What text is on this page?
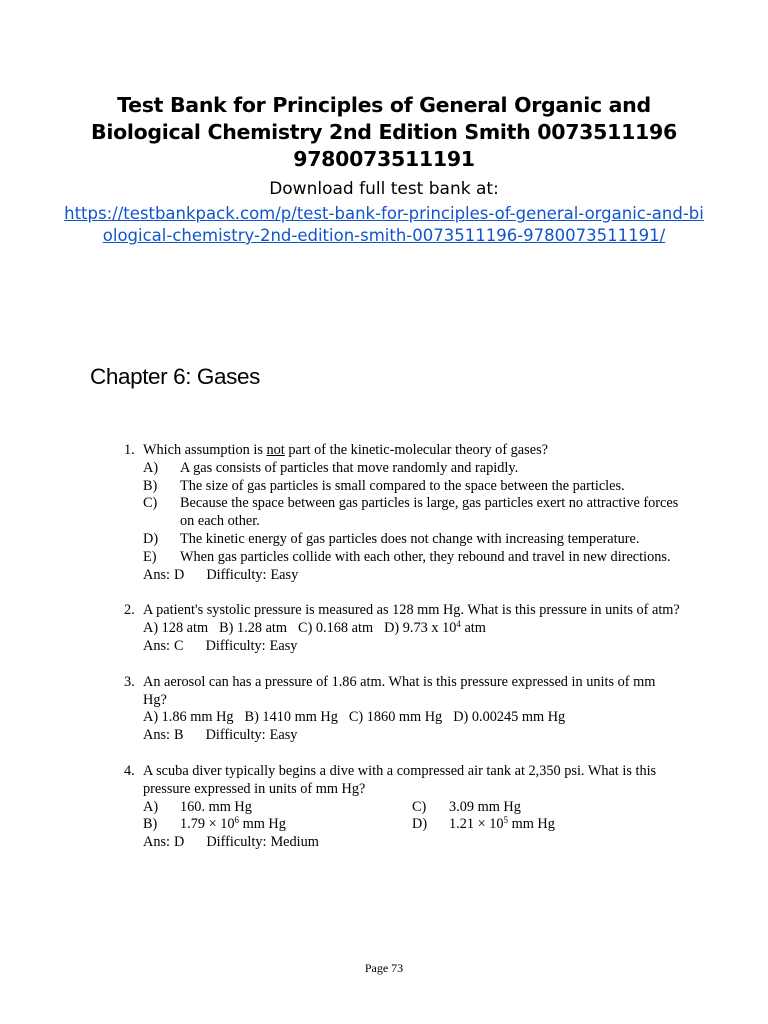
Test Bank for Principles of General Organic and Biological Chemistry 2nd Edition Smith 0073511196 9780073511191
Download full test bank at:
https://testbankpack.com/p/test-bank-for-principles-of-general-organic-and-biological-chemistry-2nd-edition-smith-0073511196-9780073511191/
Chapter 6: Gases
1. Which assumption is not part of the kinetic-molecular theory of gases?
A) A gas consists of particles that move randomly and rapidly.
B) The size of gas particles is small compared to the space between the particles.
C) Because the space between gas particles is large, gas particles exert no attractive forces on each other.
D) The kinetic energy of gas particles does not change with increasing temperature.
E) When gas particles collide with each other, they rebound and travel in new directions.
Ans: D Difficulty: Easy
2. A patient's systolic pressure is measured as 128 mm Hg. What is this pressure in units of atm?
A) 128 atm B) 1.28 atm C) 0.168 atm D) 9.73 x $10^4$ atm
Ans: C Difficulty: Easy
3. An aerosol can has a pressure of 1.86 atm. What is this pressure expressed in units of mm Hg?
A) 1.86 mm Hg B) 1410 mm Hg C) 1860 mm Hg D) 0.00245 mm Hg
Ans: B Difficulty: Easy
4. A scuba diver typically begins a dive with a compressed air tank at 2,350 psi. What is this pressure expressed in units of mm Hg?
A) 160. mm Hg	C) 3.09 mm Hg
B) $1.79 \times 10^6$ mm Hg	D) $1.21 \times 10^5$ mm Hg
Ans: D Difficulty: Medium
Page 73
